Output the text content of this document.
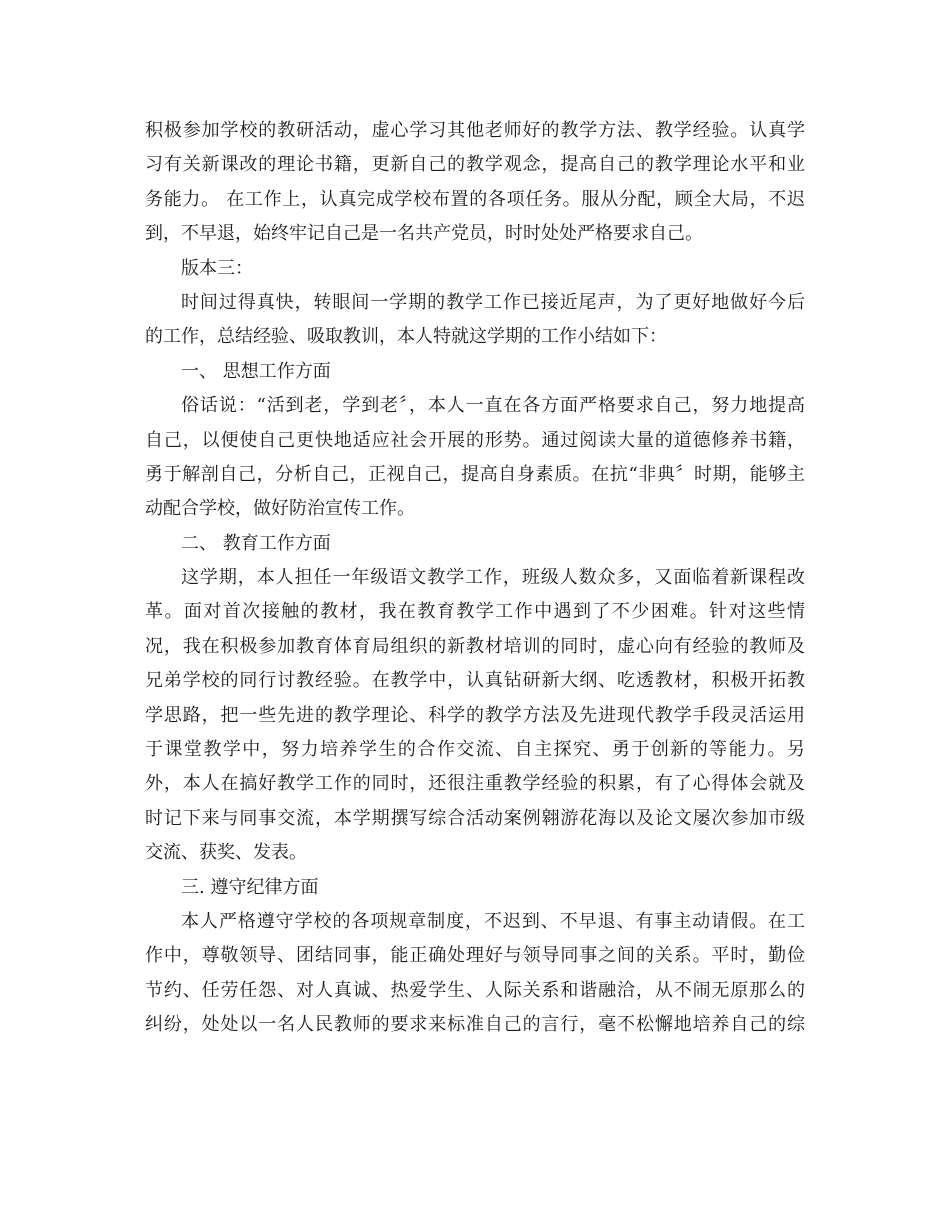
积极参加学校的教研活动，虚心学习其他老师好的教学方法、教学经验。认真学
习有关新课改的理论书籍，更新自己的教学观念，提高自己的教学理论水平和业
务能力。 在工作上，认真完成学校布置的各项任务。服从分配，顾全大局，不迟
到，不早退，始终牢记自己是一名共产党员，时时处处严格要求自己。
版本三：
时间过得真快，转眼间一学期的教学工作已接近尾声，为了更好地做好今后
的工作，总结经验、吸取教训，本人特就这学期的工作小结如下：
一、 思想工作方面
俗话说：“活到老，学到老〞，本人一直在各方面严格要求自己，努力地提高
自己，以便使自己更快地适应社会开展的形势。通过阅读大量的道德修养书籍，
勇于解剖自己，分析自己，正视自己，提高自身素质。在抗“非典〞时期，能够主
动配合学校，做好防治宣传工作。
二、 教育工作方面
这学期，本人担任一年级语文教学工作，班级人数众多，又面临着新课程改
革。面对首次接触的教材，我在教育教学工作中遇到了不少困难。针对这些情
况，我在积极参加教育体育局组织的新教材培训的同时，虚心向有经验的教师及
兄弟学校的同行讨教经验。在教学中，认真钻研新大纲、吃透教材，积极开拓教
学思路，把一些先进的教学理论、科学的教学方法及先进现代教学手段灵活运用
于课堂教学中，努力培养学生的合作交流、自主探究、勇于创新的等能力。另
外，本人在搞好教学工作的同时，还很注重教学经验的积累，有了心得体会就及
时记下来与同事交流，本学期撰写综合活动案例翱游花海以及论文屡次参加市级
交流、获奖、发表。
三. 遵守纪律方面
本人严格遵守学校的各项规章制度，不迟到、不早退、有事主动请假。在工
作中，尊敬领导、团结同事，能正确处理好与领导同事之间的关系。平时，勤俭
节约、任劳任怨、对人真诚、热爱学生、人际关系和谐融洽，从不闹无原那么的
纠纷，处处以一名人民教师的要求来标准自己的言行，毫不松懈地培养自己的综
